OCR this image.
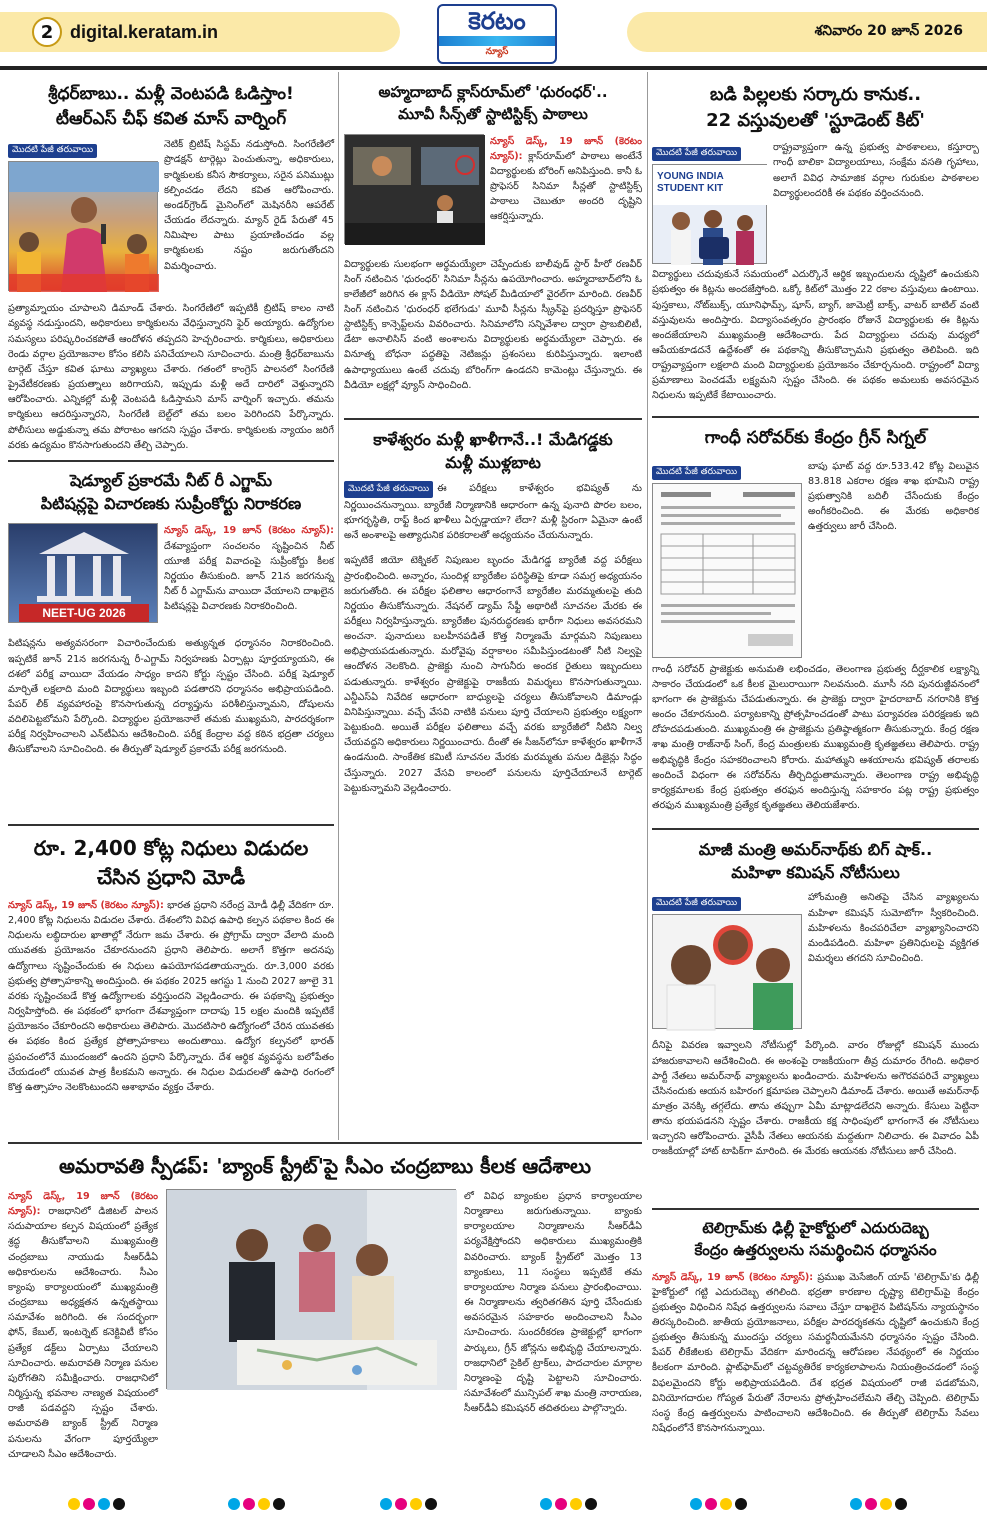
2 digital.keratam.in	కెరటం
న్యూస్
శనివారం 20 జూన్ 2026
శ్రీధర్‌బాబు.. మళ్లీ వెంటపడి ఓడిస్తాం!
టీఆర్ఎస్ చీఫ్ కవిత మాస్ వార్నింగ్
మొదటి పేజీ తరువాయి	నెటిక్ బ్రిటిష్ సిస్టమ్ నడుస్తోంది. సింగరేణిలో ప్రొడక్షన్ టార్గెట్లు పెంచుతున్నా, అధికారులు, కార్మికులకు కనీస సౌకర్యాలు, సరైన పనిముట్లు కల్పించడం లేదని కవిత ఆరోపించారు. అండర్‌గ్రౌండ్ మైనింగ్‌లో మెషినరీని ఆపరేట్ చేయడం లేదన్నారు. మ్యాన్ రైడ్ పేరుతో 45 నిమిషాల పాటు ప్రయాణించడం వల్ల కార్మికులకు నష్టం జరుగుతోందని విమర్శించారు.
ప్రత్యామ్నాయం చూపాలని డిమాండ్ చేశారు. సింగరేణిలో ఇప్పటికీ బ్రిటిష్ కాలం నాటి వ్యవస్థ నడుస్తుందని, అధికారులు కార్మికులను వేధిస్తున్నారని ఫైర్ అయ్యారు. ఉద్యోగుల సమస్యలు పరిష్కరించకపోతే ఆందోళన తప్పదని హెచ్చరించారు. కార్మికులు, అధికారులు రెండు వర్గాల ప్రయోజనాల కోసం కలిసి పనిచేయాలని సూచించారు. మంత్రి శ్రీధర్‌బాబును టార్గెట్ చేస్తూ కవిత ఘాటు వ్యాఖ్యలు చేశారు. గతంలో కాంగ్రెస్ పాలనలో సింగరేణి ప్రైవేటీకరణకు ప్రయత్నాలు జరిగాయని, ఇప్పుడు మళ్లీ అదే దారిలో వెళ్తున్నారని ఆరోపించారు. ఎన్నికల్లో మళ్లీ వెంటపడి ఓడిస్తామని మాస్ వార్నింగ్ ఇచ్చారు. తమను కార్మికులు ఆదరిస్తున్నారని, సింగరేణి బెల్ట్‌లో తమ బలం పెరిగిందని పేర్కొన్నారు. పోలీసులు అడ్డుకున్నా తమ పోరాటం ఆగదని స్పష్టం చేశారు. కార్మికులకు న్యాయం జరిగే వరకు ఉద్యమం కొనసాగుతుందని తేల్చి చెప్పారు.
షెడ్యూల్ ప్రకారమే నీట్ రీ ఎగ్జామ్
పిటిషన్లపై విచారణకు సుప్రీంకోర్టు నిరాకరణ
NEET-UG 2026
న్యూస్ డెస్క్, 19 జూన్ (కెరటం న్యూస్): దేశవ్యాప్తంగా సంచలనం సృష్టించిన నీట్ యూజీ పరీక్ష వివాదంపై సుప్రీంకోర్టు కీలక నిర్ణయం తీసుకుంది. జూన్ 21న జరగనున్న నీట్ రీ ఎగ్జామ్‌ను వాయిదా వేయాలని దాఖలైన పిటిషన్లపై విచారణకు నిరాకరించింది.
పిటిషన్లను అత్యవసరంగా విచారించేందుకు అత్యున్నత ధర్మాసనం నిరాకరించింది. ఇప్పటికే జూన్ 21న జరగనున్న రీ-ఎగ్జామ్ నిర్వహణకు ఏర్పాట్లు పూర్తయ్యాయని, ఈ దశలో పరీక్ష వాయిదా వేయడం సాధ్యం కాదని కోర్టు స్పష్టం చేసింది. పరీక్ష షెడ్యూల్ మార్చితే లక్షలాది మంది విద్యార్థులు ఇబ్బంది పడతారని ధర్మాసనం అభిప్రాయపడింది. పేపర్ లీక్ వ్యవహారంపై కొనసాగుతున్న దర్యాప్తును పరిశీలిస్తున్నామని, దోషులను వదిలిపెట్టబోమని పేర్కొంది. విద్యార్థుల ప్రయోజనాలే తమకు ముఖ్యమని, పారదర్శకంగా పరీక్ష నిర్వహించాలని ఎన్‌టీఏను ఆదేశించింది. పరీక్ష కేంద్రాల వద్ద కఠిన భద్రతా చర్యలు తీసుకోవాలని సూచించింది. ఈ తీర్పుతో షెడ్యూల్ ప్రకారమే పరీక్ష జరగనుంది.
రూ. 2,400 కోట్ల నిధులు విడుదల
చేసిన ప్రధాని మోడీ
న్యూస్ డెస్క్, 19 జూన్ (కెరటం న్యూస్): భారత ప్రధాని నరేంద్ర మోడీ ఢిల్లీ వేదికగా రూ. 2,400 కోట్ల నిధులను విడుదల చేశారు. దేశంలోని వివిధ ఉపాధి కల్పన పథకాల కింద ఈ నిధులను లబ్ధిదారుల ఖాతాల్లో నేరుగా జమ చేశారు. ఈ ప్రోగ్రామ్ ద్వారా వేలాది మంది యువతకు ప్రయోజనం చేకూరనుందని ప్రధాని తెలిపారు. అలాగే కొత్తగా అదనపు ఉద్యోగాలు సృష్టించేందుకు ఈ నిధులు ఉపయోగపడతాయన్నారు. రూ.3,000 వరకు ప్రభుత్వ ప్రోత్సాహకాన్ని అందిస్తుంది. ఈ పథకం 2025 ఆగస్టు 1 నుంచి 2027 జూలై 31 వరకు సృష్టించబడే కొత్త ఉద్యోగాలకు వర్తిస్తుందని వెల్లడించారు. ఈ పథకాన్ని ప్రభుత్వం నిర్వహిస్తోంది. ఈ పథకంలో భాగంగా దేశవ్యాప్తంగా దాదాపు 15 లక్షల మందికి ఇప్పటికే ప్రయోజనం చేకూరిందని అధికారులు తెలిపారు. మొదటిసారి ఉద్యోగంలో చేరిన యువతకు ఈ పథకం కింద ప్రత్యేక ప్రోత్సాహకాలు అందుతాయి. ఉద్యోగ కల్పనలో భారత్ ప్రపంచంలోనే ముందంజలో ఉందని ప్రధాని పేర్కొన్నారు. దేశ ఆర్థిక వ్యవస్థను బలోపేతం చేయడంలో యువత పాత్ర కీలకమని అన్నారు. ఈ నిధుల విడుదలతో ఉపాధి రంగంలో కొత్త ఉత్సాహం నెలకొంటుందని ఆశాభావం వ్యక్తం చేశారు.
అహ్మదాబాద్ క్లాస్‌రూమ్‌లో 'ధురంధర్'..
మూవీ సీన్స్‌తో స్టాటిస్టిక్స్ పాఠాలు
న్యూస్ డెస్క్, 19 జూన్ (కెరటం న్యూస్): క్లాస్‌రూమ్‌లో పాఠాలు అంటేనే విద్యార్థులకు బోరింగ్ అనిపిస్తుంది. కానీ ఓ ప్రొఫెసర్ సినిమా సీన్లతో స్టాటిస్టిక్స్ పాఠాలు చెబుతూ అందరి దృష్టిని ఆకర్షిస్తున్నారు.
విద్యార్థులకు సులభంగా అర్థమయ్యేలా చెప్పేందుకు బాలీవుడ్ స్టార్ హీరో రణవీర్ సింగ్ నటించిన 'ధురంధర్' సినిమా సీన్లను ఉపయోగించారు. అహ్మదాబాద్‌లోని ఓ కాలేజీలో జరిగిన ఈ క్లాస్ వీడియో సోషల్ మీడియాలో వైరల్‌గా మారింది. రణవీర్ సింగ్ నటించిన 'ధురంధర్ భలేగుడు' మూవీ సీన్లను స్క్రీన్‌పై ప్రదర్శిస్తూ ప్రొఫెసర్ స్టాటిస్టిక్స్ కాన్సెప్ట్‌లను వివరించారు. సినిమాలోని సన్నివేశాల ద్వారా ప్రాబబిలిటీ, డేటా అనాలిసిస్ వంటి అంశాలను విద్యార్థులకు అర్థమయ్యేలా చెప్పారు. ఈ వినూత్న బోధనా పద్ధతిపై నెటిజన్లు ప్రశంసలు కురిపిస్తున్నారు. ఇలాంటి ఉపాధ్యాయులు ఉంటే చదువు బోరింగ్‌గా ఉండదని కామెంట్లు చేస్తున్నారు. ఈ వీడియో లక్షల్లో వ్యూస్ సాధించింది.
కాళేశ్వరం మళ్లీ ఖాళీగానే..! మేడిగడ్డకు
మళ్లీ ముళ్లబాట
మొదటి పేజీ తరువాయి ఈ పరీక్షలు కాళేశ్వరం భవిష్యత్ ను నిర్ణయించనున్నాయి. బ్యారేజీ నిర్మాణానికి ఆధారంగా ఉన్న పునాది పొరల బలం, భూగర్భస్థితి, రాఫ్ట్ కింద ఖాళీలు ఏర్పడ్డాయా? లేదా? మళ్లీ స్టిరంగా ఏమైనా ఉంటే అనే అంశాలపై అత్యాధునిక పరికరాలతో అధ్యయనం చేయనున్నారు.
ఇప్పటికే జియో టెక్నికల్ నిపుణుల బృందం మేడిగడ్డ బ్యారేజీ వద్ద పరీక్షలు ప్రారంభించింది. అన్నారం, సుందిళ్ల బ్యారేజీల పరిస్థితిపై కూడా సమగ్ర అధ్యయనం జరుగుతోంది. ఈ పరీక్షల ఫలితాల ఆధారంగానే బ్యారేజీల మరమ్మతులపై తుది నిర్ణయం తీసుకోనున్నారు. నేషనల్ డ్యామ్ సేఫ్టీ అథారిటీ సూచనల మేరకు ఈ పరీక్షలు నిర్వహిస్తున్నారు. బ్యారేజీల పునరుద్ధరణకు భారీగా నిధులు అవసరమని అంచనా. పునాదులు బలహీనపడితే కొత్త నిర్మాణమే మార్గమని నిపుణులు అభిప్రాయపడుతున్నారు. మరోవైపు వర్షాకాలం సమీపిస్తుండటంతో నీటి నిల్వపై ఆందోళన నెలకొంది. ప్రాజెక్టు నుంచి సాగునీరు అందక రైతులు ఇబ్బందులు పడుతున్నారు. కాళేశ్వరం ప్రాజెక్టుపై రాజకీయ విమర్శలు కొనసాగుతున్నాయి. ఎన్డీఎస్ఏ నివేదిక ఆధారంగా బాధ్యులపై చర్యలు తీసుకోవాలని డిమాండ్లు వినిపిస్తున్నాయి. వచ్చే వేసవి నాటికి పనులు పూర్తి చేయాలని ప్రభుత్వం లక్ష్యంగా పెట్టుకుంది. అయితే పరీక్షల ఫలితాలు వచ్చే వరకు బ్యారేజీలో నీటిని నిల్వ చేయవద్దని అధికారులు నిర్ణయించారు. దీంతో ఈ సీజన్‌లోనూ కాళేశ్వరం ఖాళీగానే ఉండనుంది. సాంకేతిక కమిటీ సూచనల మేరకు మరమ్మతు పనుల డిజైన్లు సిద్ధం చేస్తున్నారు. 2027 వేసవి కాలంలో పనులను పూర్తిచేయాలనే టార్గెట్ పెట్టుకున్నామని వెల్లడించారు.
బడి పిల్లలకు సర్కారు కానుక..
22 వస్తువులతో 'స్టూడెంట్ కిట్'
మొదటి పేజీ తరువాయి
YOUNG INDIA STUDENT KIT
రాష్ట్రవ్యాప్తంగా ఉన్న ప్రభుత్వ పాఠశాలలు, కస్తూర్బా గాంధీ బాలికా విద్యాలయాలు, సంక్షేమ వసతి గృహాలు, అలాగే వివిధ సామాజిక వర్గాల గురుకుల పాఠశాలల విద్యార్థులందరికీ ఈ పథకం వర్తించనుంది.
విద్యార్థులు చదువుకునే సమయంలో ఎదుర్కొనే ఆర్థిక ఇబ్బందులను దృష్టిలో ఉంచుకుని ప్రభుత్వం ఈ కిట్లను అందజేస్తోంది. ఒక్కో కిట్‌లో మొత్తం 22 రకాల వస్తువులు ఉంటాయి. పుస్తకాలు, నోట్‌బుక్స్, యూనిఫామ్స్, షూస్, బ్యాగ్, జామెట్రీ బాక్స్, వాటర్ బాటిల్ వంటి వస్తువులను అందిస్తారు. విద్యాసంవత్సరం ప్రారంభం రోజునే విద్యార్థులకు ఈ కిట్లను అందజేయాలని ముఖ్యమంత్రి ఆదేశించారు. పేద విద్యార్థులు చదువు మధ్యలో ఆపేయకూడదనే ఉద్దేశంతో ఈ పథకాన్ని తీసుకొచ్చామని ప్రభుత్వం తెలిపింది. ఇది రాష్ట్రవ్యాప్తంగా లక్షలాది మంది విద్యార్థులకు ప్రయోజనం చేకూర్చనుంది. రాష్ట్రంలో విద్యా ప్రమాణాలు పెంచడమే లక్ష్యమని స్పష్టం చేసింది. ఈ పథకం అమలుకు అవసరమైన నిధులను ఇప్పటికే కేటాయించారు.
గాంధీ సరోవర్‌కు కేంద్రం గ్రీన్ సిగ్నల్
మొదటి పేజీ తరువాయి	బాపు ఘాట్ వద్ద రూ.533.42 కోట్ల విలువైన 83.818 ఎకరాల రక్షణ శాఖ భూమిని రాష్ట్ర ప్రభుత్వానికి బదిలీ చేసేందుకు కేంద్రం అంగీకరించింది. ఈ మేరకు అధికారిక ఉత్తర్వులు జారీ చేసింది.
గాంధీ సరోవర్ ప్రాజెక్టుకు అనుమతి లభించడం, తెలంగాణ ప్రభుత్వ దీర్ఘకాలిక లక్ష్యాన్ని సాకారం చేయడంలో ఒక కీలక మైలురాయిగా నిలవనుంది. మూసీ నది పునరుజ్జీవనంలో భాగంగా ఈ ప్రాజెక్టును చేపడుతున్నారు. ఈ ప్రాజెక్టు ద్వారా హైదరాబాద్ నగరానికి కొత్త అందం చేకూరనుంది. పర్యాటకాన్ని ప్రోత్సహించడంతో పాటు పర్యావరణ పరిరక్షణకు ఇది దోహదపడుతుంది. ముఖ్యమంత్రి ఈ ప్రాజెక్టును ప్రతిష్ఠాత్మకంగా తీసుకున్నారు. కేంద్ర రక్షణ శాఖ మంత్రి రాజ్‌నాథ్ సింగ్, కేంద్ర మంత్రులకు ముఖ్యమంత్రి కృతజ్ఞతలు తెలిపారు. రాష్ట్ర అభివృద్ధికి కేంద్రం సహకరించాలని కోరారు. మహాత్ముని ఆశయాలను భవిష్యత్ తరాలకు అందించే విధంగా ఈ సరోవర్‌ను తీర్చిదిద్దుతామన్నారు. తెలంగాణ రాష్ట్ర అభివృద్ధి కార్యక్రమాలకు కేంద్ర ప్రభుత్వం తరఫున అందిస్తున్న సహకారం పట్ల రాష్ట్ర ప్రభుత్వం తరఫున ముఖ్యమంత్రి ప్రత్యేక కృతజ్ఞతలు తెలియజేశారు.
మాజీ మంత్రి అమర్‌నాథ్‌కు బిగ్ షాక్..
మహిళా కమిషన్ నోటీసులు
మొదటి పేజీ తరువాయి	హోంమంత్రి అనితపై చేసిన వ్యాఖ్యలను మహిళా కమిషన్ సుమోటోగా స్వీకరించింది. మహిళలను కించపరిచేలా వ్యాఖ్యానించారని మండిపడింది. మహిళా ప్రతినిధులపై వ్యక్తిగత విమర్శలు తగదని సూచించింది.
దీనిపై వివరణ ఇవ్వాలని నోటీసుల్లో పేర్కొంది. వారం రోజుల్లో కమిషన్ ముందు హాజరుకావాలని ఆదేశించింది. ఈ అంశంపై రాజకీయంగా తీవ్ర దుమారం రేగింది. అధికార పార్టీ నేతలు అమర్‌నాథ్ వ్యాఖ్యలను ఖండించారు. మహిళలను అగౌరవపరిచే వ్యాఖ్యలు చేసినందుకు ఆయన బహిరంగ క్షమాపణ చెప్పాలని డిమాండ్ చేశారు. అయితే అమర్‌నాథ్ మాత్రం వెనక్కి తగ్గలేదు. తాను తప్పుగా ఏమీ మాట్లాడలేదని అన్నారు. కేసులు పెట్టినా తాను భయపడనని స్పష్టం చేశారు. రాజకీయ కక్ష సాధింపులో భాగంగానే ఈ నోటీసులు ఇచ్చారని ఆరోపించారు. వైసీపీ నేతలు ఆయనకు మద్దతుగా నిలిచారు. ఈ వివాదం ఏపీ రాజకీయాల్లో హాట్ టాపిక్‌గా మారింది. ఈ మేరకు ఆయనకు నోటీసులు జారీ చేసింది.
టెలిగ్రామ్‌కు ఢిల్లీ హైకోర్టులో ఎదురుదెబ్బ
కేంద్రం ఉత్తర్వులను సమర్థించిన ధర్మాసనం
న్యూస్ డెస్క్, 19 జూన్ (కెరటం న్యూస్): ప్రముఖ మెసేజింగ్ యాప్ 'టెలిగ్రామ్'కు ఢిల్లీ హైకోర్టులో గట్టి ఎదురుదెబ్బ తగిలింది. భద్రతా కారణాల దృష్ట్యా టెలిగ్రామ్‌పై కేంద్రం ప్రభుత్వం విధించిన నిషేధ ఉత్తర్వులను సవాలు చేస్తూ దాఖలైన పిటిషన్‌ను న్యాయస్థానం తిరస్కరించింది. జాతీయ ప్రయోజనాలు, పరీక్షల పారదర్శకతను దృష్టిలో ఉంచుకుని కేంద్ర ప్రభుత్వం తీసుకున్న ముందస్తు చర్యలు సమర్థనీయమేనని ధర్మాసనం స్పష్టం చేసింది. పేపర్ లీకేజీలకు టెలిగ్రామ్ వేదికగా మారిందన్న ఆరోపణల నేపథ్యంలో ఈ నిర్ణయం కీలకంగా మారింది. ప్లాట్‌ఫామ్‌లో చట్టవ్యతిరేక కార్యకలాపాలను నియంత్రించడంలో సంస్థ విఫలమైందని కోర్టు అభిప్రాయపడింది. దేశ భద్రత విషయంలో రాజీ పడబోమని, వినియోగదారుల గోప్యత పేరుతో నేరాలను ప్రోత్సహించలేమని తేల్చి చెప్పింది. టెలిగ్రామ్ సంస్థ కేంద్ర ఉత్తర్వులను పాటించాలని ఆదేశించింది. ఈ తీర్పుతో టెలిగ్రామ్ సేవలు నిషేధంలోనే కొనసాగనున్నాయి.
అమరావతి స్పీడప్: 'బ్యాంక్ స్ట్రీట్'పై సీఎం చంద్రబాబు కీలక ఆదేశాలు
న్యూస్ డెస్క్, 19 జూన్ (కెరటం న్యూస్): రాజధానిలో డిజిటల్ పాలన సదుపాయాల కల్పన విషయంలో ప్రత్యేక శ్రద్ధ తీసుకోవాలని ముఖ్యమంత్రి చంద్రబాబు నాయుడు సీఆర్‌డీఏ అధికారులను ఆదేశించారు. సీఎం క్యాంపు కార్యాలయంలో ముఖ్యమంత్రి చంద్రబాబు అధ్యక్షతన ఉన్నతస్థాయి సమావేశం జరిగింది. ఈ సందర్భంగా ఫోన్, కేబుల్, ఇంటర్నెట్ కనెక్టివిటీ కోసం ప్రత్యేక డక్ట్‌లు ఏర్పాటు చేయాలని సూచించారు. అమరావతి నిర్మాణ పనుల పురోగతిని సమీక్షించారు. రాజధానిలో నిర్మిస్తున్న భవనాల నాణ్యత విషయంలో రాజీ పడవద్దని స్పష్టం చేశారు. అమరావతి బ్యాంక్ స్ట్రీట్ నిర్మాణ పనులను వేగంగా పూర్తయ్యేలా చూడాలని సీఎం ఆదేశించారు.
లో వివిధ బ్యాంకుల ప్రధాన కార్యాలయాల నిర్మాణాలు జరుగుతున్నాయి. బ్యాంకు కార్యాలయాల నిర్మాణాలను సీఆర్‌డీఏ పర్యవేక్షిస్తోందని అధికారులు ముఖ్యమంత్రికి వివరించారు. బ్యాంక్ స్ట్రీట్‌లో మొత్తం 13 బ్యాంకులు, 11 సంస్థలు ఇప్పటికే తమ కార్యాలయాల నిర్మాణ పనులు ప్రారంభించాయి. ఈ నిర్మాణాలను త్వరితగతిన పూర్తి చేసేందుకు అవసరమైన సహకారం అందించాలని సీఎం సూచించారు. సుందరీకరణ ప్రాజెక్టుల్లో భాగంగా పార్కులు, గ్రీన్ జోన్లను అభివృద్ధి చేయాలన్నారు. రాజధానిలో సైకిల్ ట్రాక్‌లు, పాదచారుల మార్గాల నిర్మాణంపై దృష్టి పెట్టాలని సూచించారు. సమావేశంలో మున్సిపల్ శాఖ మంత్రి నారాయణ, సీఆర్‌డీఏ కమిషనర్ తదితరులు పాల్గొన్నారు.
